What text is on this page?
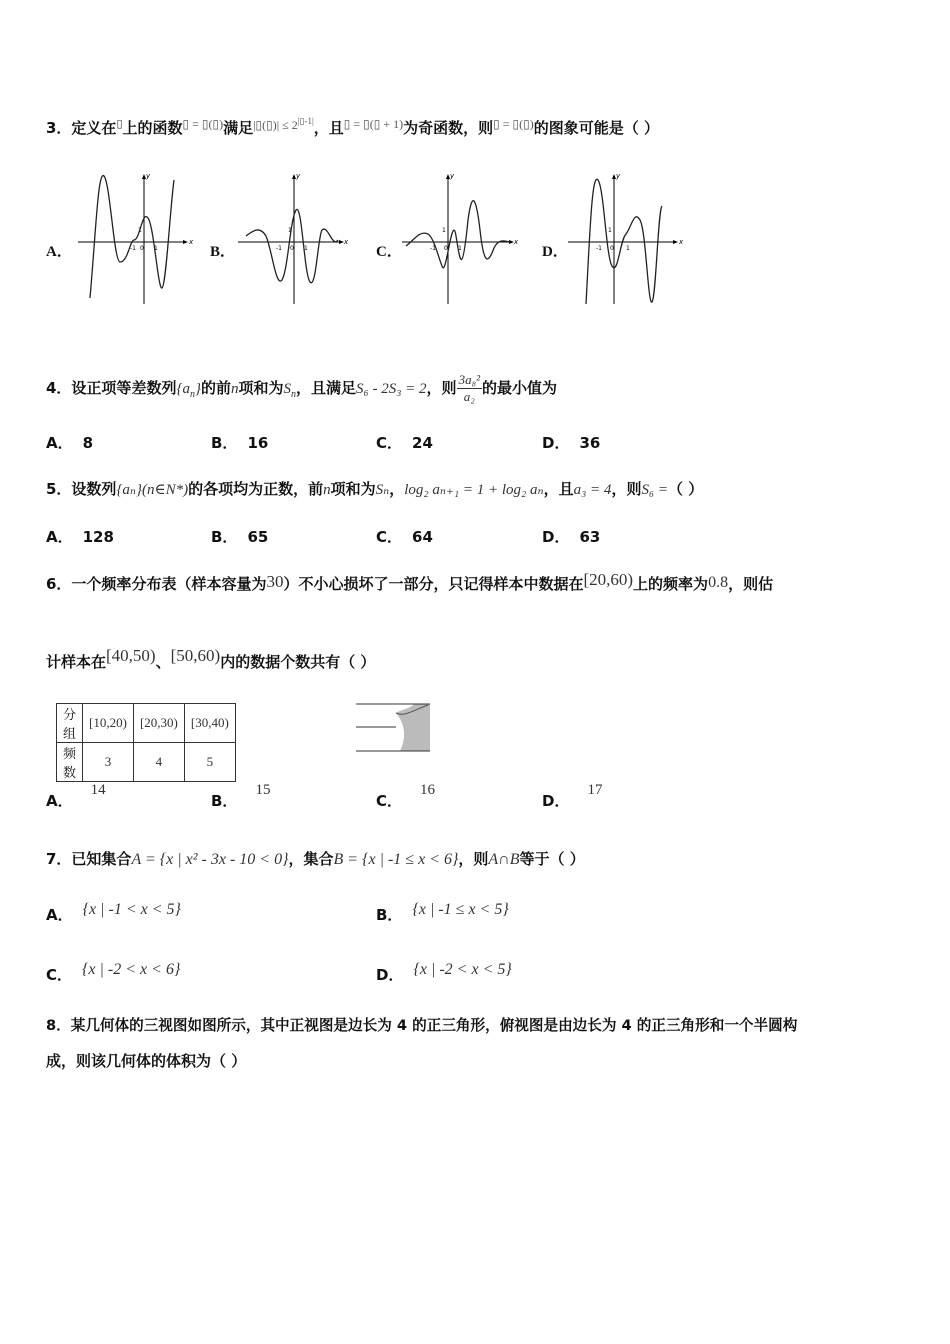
3．定义在▯上的函数▯ = ▯(▯)满足$^{|▯(▯)| \le 2^{|▯-1|}}$，且$^{▯ = ▯(▯ + 1)}$为奇函数，则▯ = ▯(▯)的图象可能是（ ）
A．
y
x
-1 0 1
1
B．
y
x
-1 0 1
1
C．
y
x
-1 0 1
1
D．
y
x
-1 0 1
1
4．设正项等差数列$\{a_n\}$的前n项和为$S_n$，且满足S₆ - 2S₃ = 2，则 $\frac{\text{3a₈²}}{\text{a₂}}$ 的最小值为
A． 8	B． 16	C． 24	D． 36
5．设数列{aₙ}(n∈N*)的各项均为正数，前n项和为Sₙ，log₂ aₙ₊₁ = 1 + log₂ aₙ，且a₃ = 4，则S₆ =（ ）
A． 128	B． 65	C． 64	D． 63
6．一个频率分布表（样本容量为30）不小心损坏了一部分，只记得样本中数据在[20,60)上的频率为0.8，则估
计样本在[40,50)、[50,60)内的数据个数共有（ ）
分组	[10,20)	[20,30)	[30,40)
频数	3	4	5
A．14
B．15
C．16
D．17
7．已知集合A = {x | x² - 3x - 10 < 0}，集合B = {x | -1 ≤ x < 6}，则A∩B等于（ ）
A． {x | -1 < x < 5}	B． {x | -1 ≤ x < 5}
C． {x | -2 < x < 6}	D． {x | -2 < x < 5}
8．某几何体的三视图如图所示，其中正视图是边长为 4 的正三角形，俯视图是由边长为 4 的正三角形和一个半圆构
成，则该几何体的体积为（ ）
